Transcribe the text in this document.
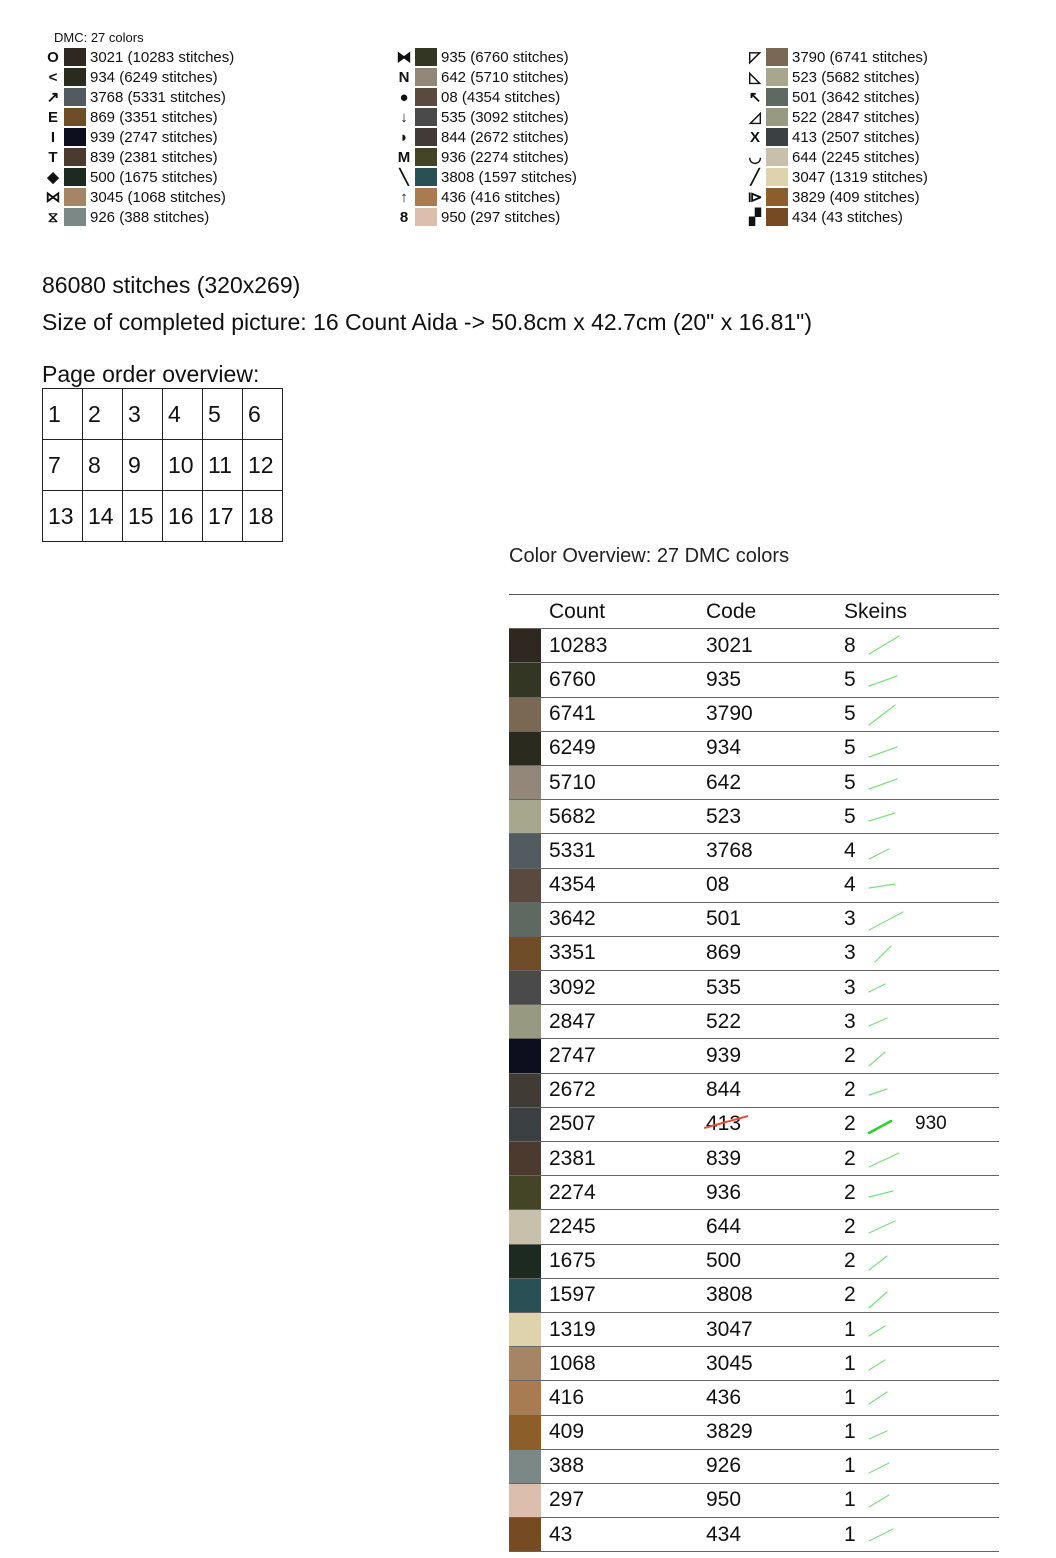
DMC: 27 colors
O	3021 (10283 stitches)
<	934 (6249 stitches)
↗	3768 (5331 stitches)
E	869 (3351 stitches)
I	939 (2747 stitches)
T	839 (2381 stitches)
◆	500 (1675 stitches)
⋈ 3045 (1068 stitches)
⧖	926 (388 stitches)
⧓ 935 (6760 stitches)
N	642 (5710 stitches)
●	08 (4354 stitches)
↓	535 (3092 stitches)
◗	844 (2672 stitches)
M	936 (2274 stitches)
╲	3808 (1597 stitches)
↑	436 (416 stitches)
8	950 (297 stitches)
◸	3790 (6741 stitches)
◺	523 (5682 stitches)
↖	501 (3642 stitches)
◿	522 (2847 stitches)
X	413 (2507 stitches)
◡ 644 (2245 stitches)
╱	3047 (1319 stitches)
⧐ 3829 (409 stitches)
▞	434 (43 stitches)
86080 stitches (320x269)
Size of completed picture: 16 Count Aida -> 50.8cm x 42.7cm (20" x 16.81")
Page order overview:
1	2	3	4	5	6
7	8	9	10	11	12
13	14	15	16	17	18
Color Overview: 27 DMC colors
Count	Code	Skeins
10283	3021	8
6760	935	5
6741	3790	5
6249	934	5
5710	642	5
5682	523	5
5331	3768	4
4354	08	4
3642	501	3
3351	869	3
3092	535	3
2847	522	3
2747	939	2
2672	844	2
2507	413	2	930
2381	839	2
2274	936	2
2245	644	2
1675	500	2
1597	3808	2
1319	3047	1
1068	3045	1
416	436	1
409	3829	1
388	926	1
297	950	1
43	434	1
